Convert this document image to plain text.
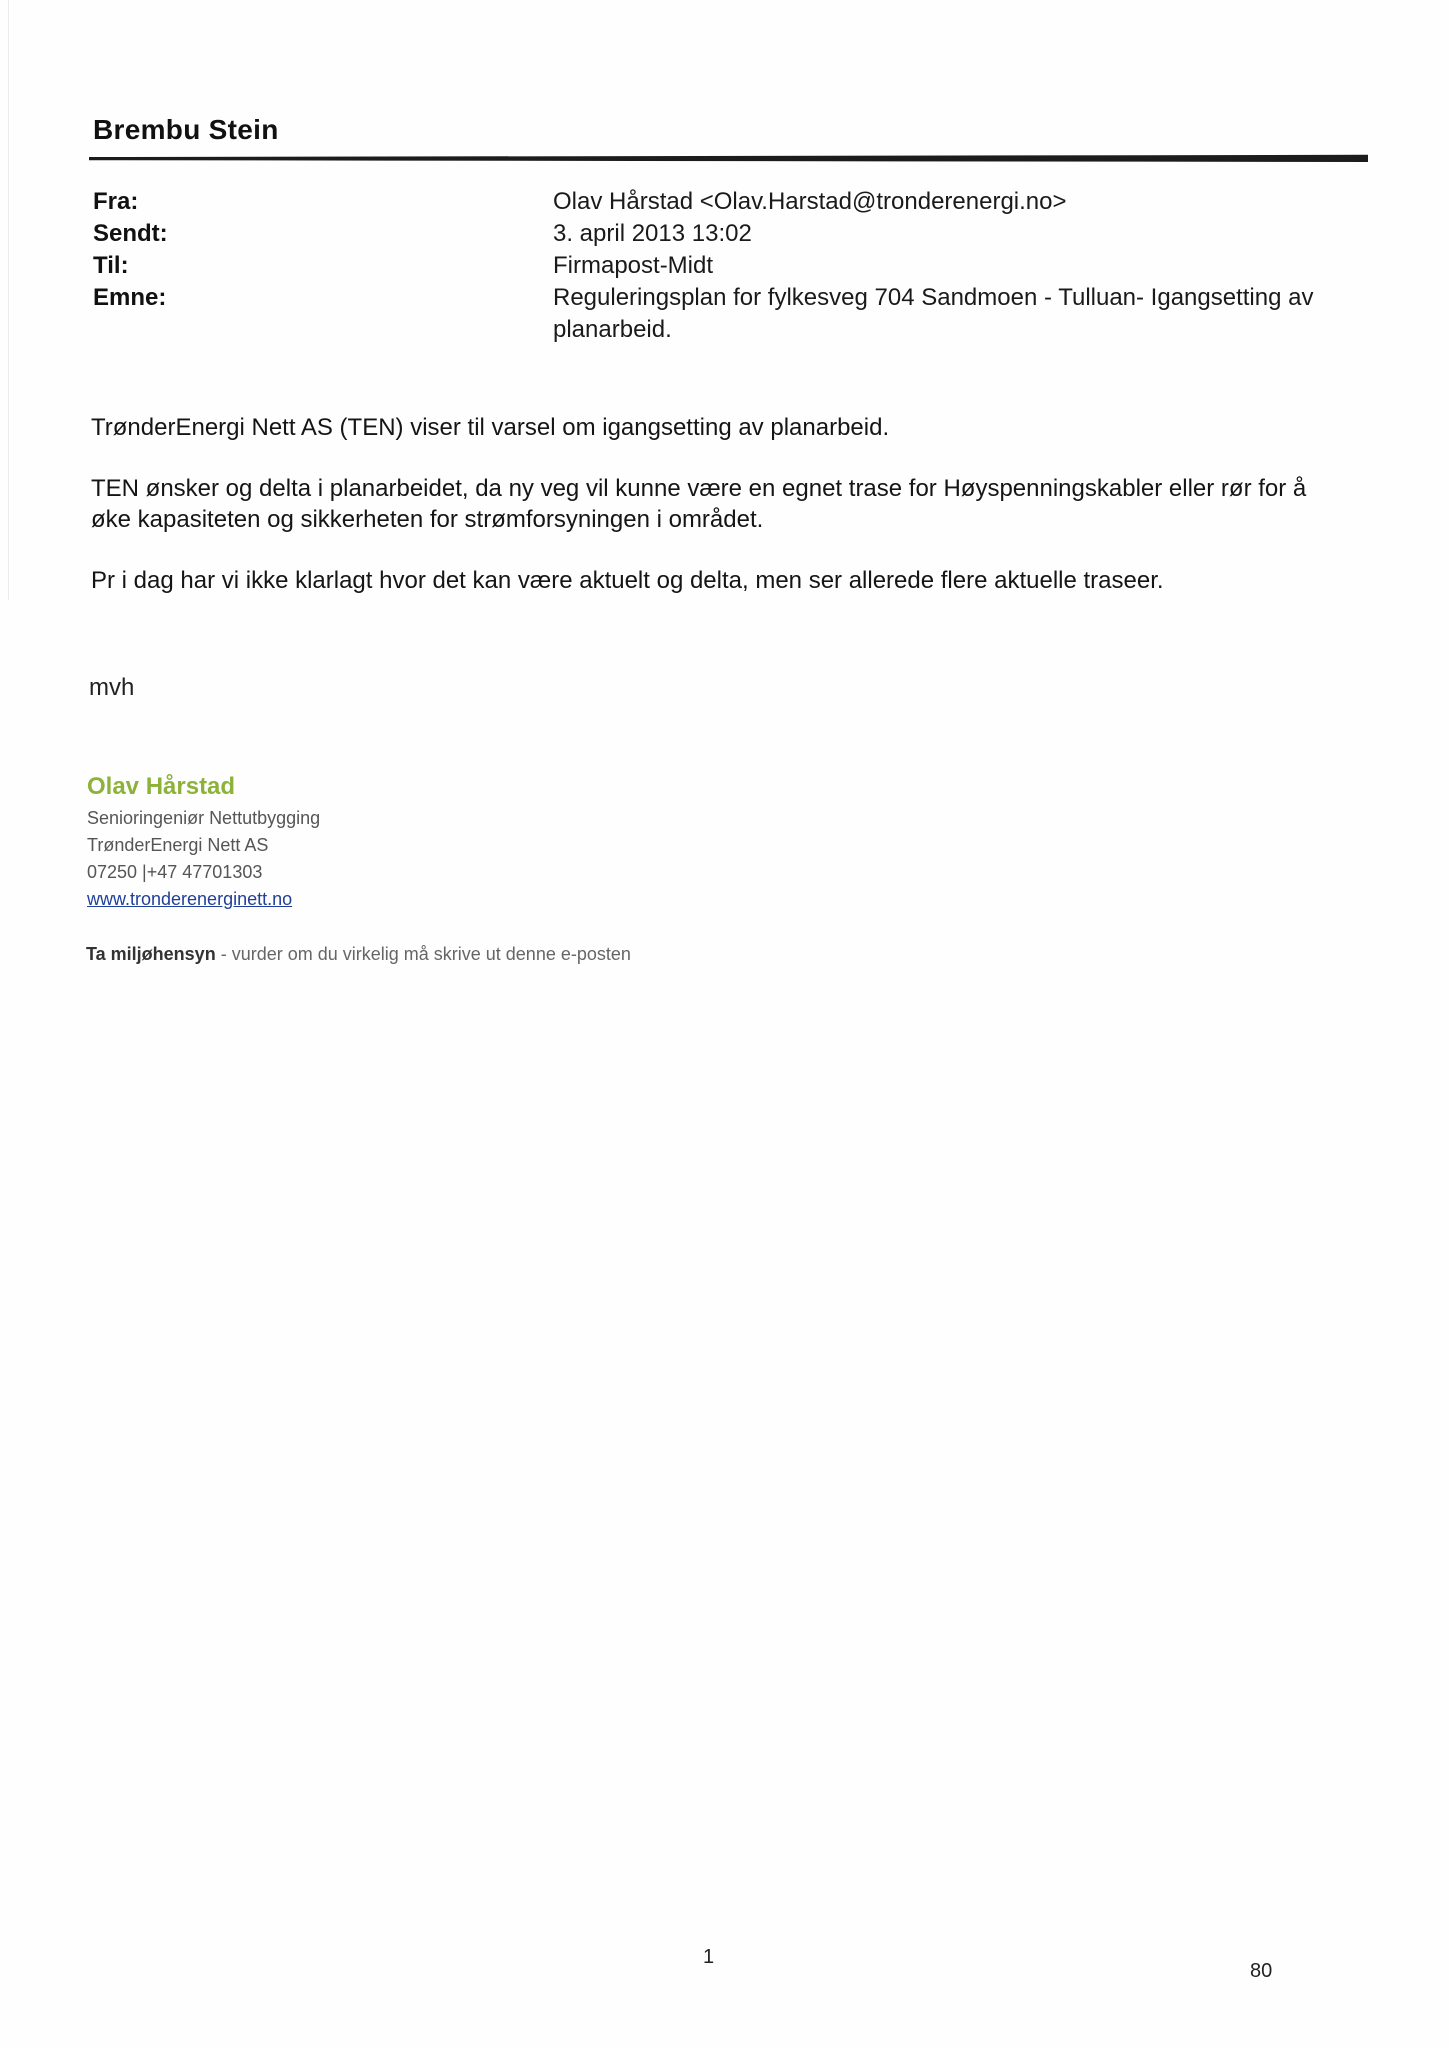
Brembu Stein
Fra:	Olav Hårstad <Olav.Harstad@tronderenergi.no>
Sendt:	3. april 2013 13:02
Til:	Firmapost-Midt
Emne:	Reguleringsplan for fylkesveg 704 Sandmoen - Tulluan- Igangsetting av planarbeid.

TrønderEnergi Nett AS (TEN) viser til varsel om igangsetting av planarbeid.

TEN ønsker og delta i planarbeidet, da ny veg vil kunne være en egnet trase for Høyspenningskabler eller rør for å øke kapasiteten og sikkerheten for strømforsyningen i området.

Pr i dag har vi ikke klarlagt hvor det kan være aktuelt og delta, men ser allerede flere aktuelle traseer.

mvh
Olav Hårstad
Senioringeniør Nettutbygging
TrønderEnergi Nett AS
07250 |+47 47701303
www.tronderenerginett.no
Ta miljøhensyn - vurder om du virkelig må skrive ut denne e-posten
1
80
